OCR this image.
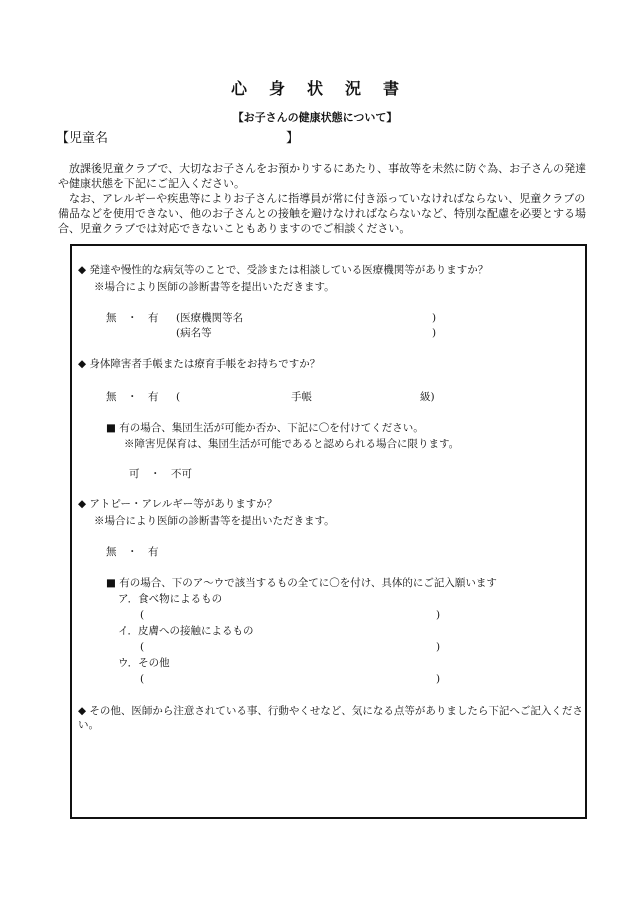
心身状況書
【お子さんの健康状態について】
【児童名	】

放課後児童クラブで、大切なお子さんをお預かりするにあたり、事故等を未然に防ぐ為、お子さんの発達や健康状態を下記にご記入ください。

なお、アレルギーや疾患等によりお子さんに指導員が常に付き添っていなければならない、児童クラブの備品などを使用できない、他のお子さんとの接触を避けなければならないなど、特別な配慮を必要とする場合、児童クラブでは対応できないこともありますのでご相談ください。

◆ 発達や慢性的な病気等のことで、受診または相談している医療機関等がありますか？
※場合により医師の診断書等を提出いただきます。
無　・　有 (医療機関等名	)
(病名等	)
◆ 身体障害者手帳または療育手帳をお持ちですか？
無　・　有 (	手帳	級)
■ 有の場合、集団生活が可能か否か、下記に〇を付けてください。
※障害児保育は、集団生活が可能であると認められる場合に限ります。
可　・　不可
◆ アトピー・アレルギー等がありますか？
※場合により医師の診断書等を提出いただきます。
無　・　有
■ 有の場合、下のア～ウで該当するもの全てに〇を付け、具体的にご記入願います
ア．食べ物によるもの
(	)
イ．皮膚への接触によるもの
(	)
ウ．その他
(	)
◆ その他、医師から注意されている事、行動やくせなど、気になる点等がありましたら下記へご記入ください。
